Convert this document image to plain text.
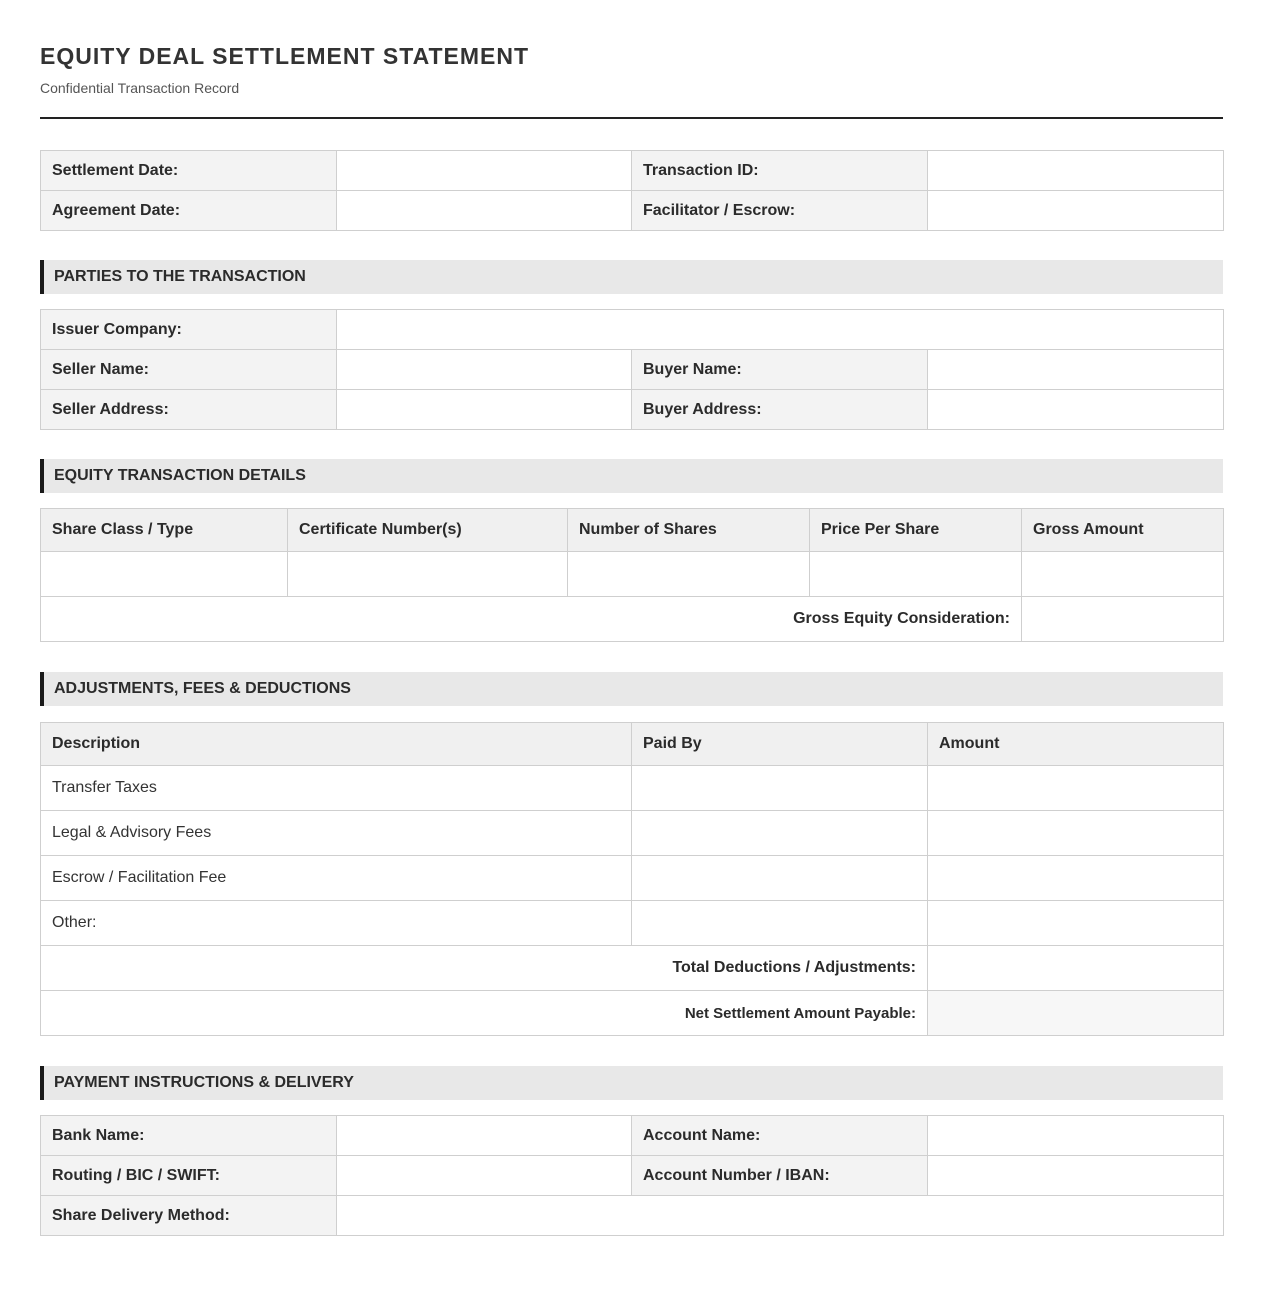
EQUITY DEAL SETTLEMENT STATEMENT
Confidential Transaction Record
Settlement Date:		Transaction ID:	
Agreement Date:		Facilitator / Escrow:	
PARTIES TO THE TRANSACTION
Issuer Company:			
Seller Name:		Buyer Name:	
Seller Address:		Buyer Address:	
EQUITY TRANSACTION DETAILS
Share Class / Type	Certificate Number(s)	Number of Shares	Price Per Share	Gross Amount

Gross Equity Consideration:				
ADJUSTMENTS, FEES & DEDUCTIONS
Description	Paid By	Amount
Transfer Taxes		
Legal & Advisory Fees		
Escrow / Facilitation Fee		
Other:		
Total Deductions / Adjustments:		
Net Settlement Amount Payable:		
PAYMENT INSTRUCTIONS & DELIVERY
Bank Name:		Account Name:	
Routing / BIC / SWIFT:		Account Number / IBAN:	
Share Delivery Method:			
